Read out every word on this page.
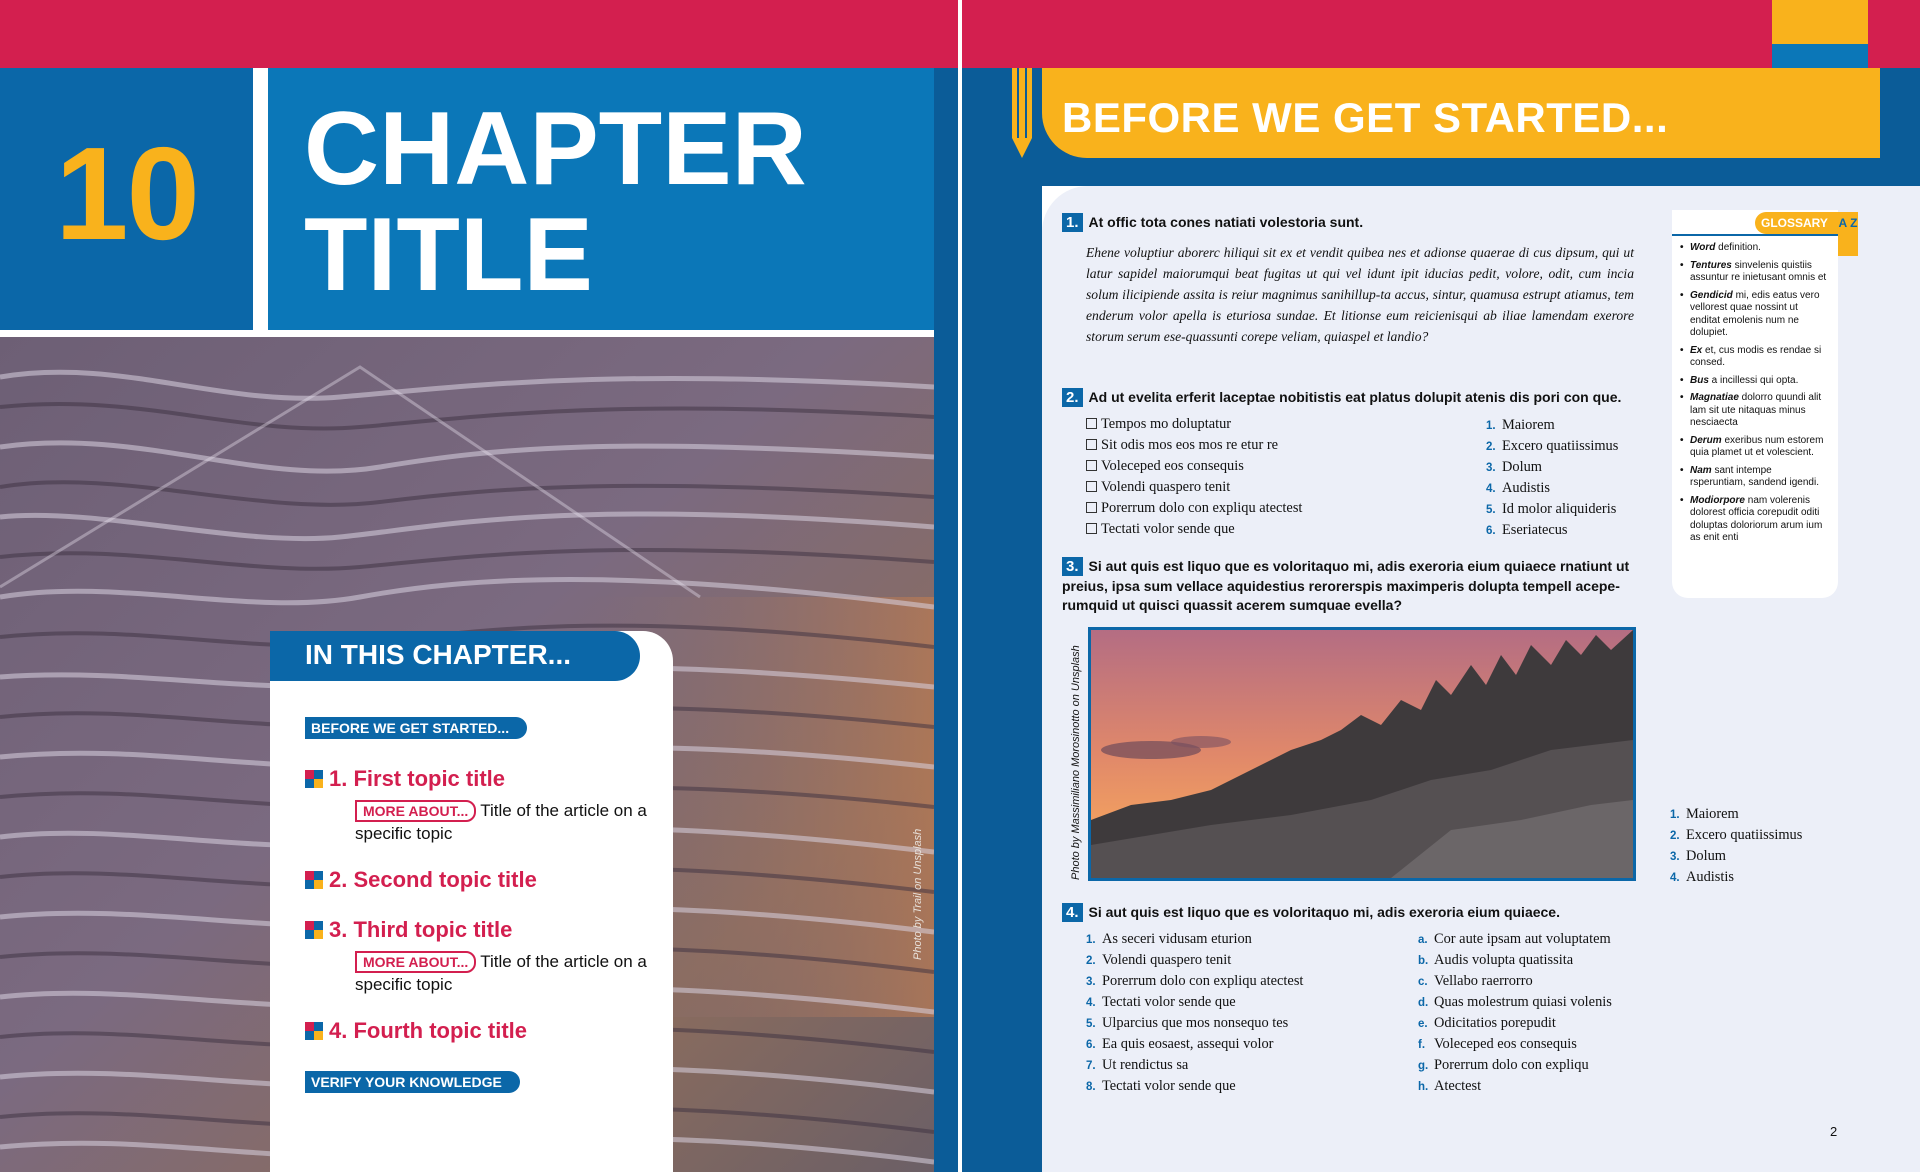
10	CHAPTER
TITLE
Photo by Trail on Unsplash
IN THIS CHAPTER...
BEFORE WE GET STARTED...
1. First topic title
MORE ABOUT... Title of the article on a specific topic
2. Second topic title
3. Third topic title
MORE ABOUT... Title of the article on a specific topic
4. Fourth topic title
VERIFY YOUR KNOWLEDGE
BEFORE WE GET STARTED...
1. At offic tota cones natiati volestoria sunt.
Ehene voluptiur aborerc hiliqui sit ex et vendit quibea nes et adionse quaerae di cus dipsum, qui ut latur sapidel maiorumqui beat fugitas ut qui vel idunt ipit iducias pedit, volore, odit, cum incia solum ilicipiende assita is reiur magnimus sanihillup-ta accus, sintur, quamusa estrupt atiamus, tem enderum volor apella is eturiosa sundae. Et litionse eum reicienisqui ab iliae lamendam exerore storum serum ese-quassunti corepe veliam, quiaspel et landio?
2. Ad ut evelita erferit laceptae nobitistis eat platus dolupit atenis dis pori con que.
Tempos mo doluptatur
Sit odis mos eos mos re etur re
Voleceped eos consequis
Volendi quaspero tenit
Porerrum dolo con expliqu atectest
Tectati volor sende que
1. Maiorem
2. Excero quatiissimus
3. Dolum
4. Audistis
5. Id molor aliquideris
6. Eseriatecus
3. Si aut quis est liquo que es voloritaquo mi, adis exeroria eium quiaece rnatiunt ut preius, ipsa sum vellace aquidestius rerorerspis maximperis dolupta tempell acepe-rumquid ut quisci quassit acerem sumquae evella?
Photo by Massimiliano Morosinotto on Unsplash	1. Maiorem
2. Excero quatiissimus
3. Dolum
4. Audistis
4. Si aut quis est liquo que es voloritaquo mi, adis exeroria eium quiaece.
1. As seceri vidusam eturion
2. Volendi quaspero tenit
3. Porerrum dolo con expliqu atectest
4. Tectati volor sende que
5. Ulparcius que mos nonsequo tes
6. Ea quis eosaest, assequi volor
7. Ut rendictus sa
8. Tectati volor sende que
a. Cor aute ipsam aut voluptatem
b. Audis volupta quatissita
c. Vellabo raerrorro
d. Quas molestrum quiasi volenis
e. Odicitatios porepudit
f. Voleceped eos consequis
g. Porerrum dolo con expliqu
h. Atectest
GLOSSARY A Z
• Word definition.
• Tentures sinvelenis quistiis assuntur re inietusant omnis et
• Gendicid mi, edis eatus vero vellorest quae nossint ut enditat emolenis num ne dolupiet.
• Ex et, cus modis es rendae si consed.
• Bus a incillessi qui opta.
• Magnatiae dolorro quundi alit lam sit ute nitaquas minus nesciaecta
• Derum exeribus num estorem quia plamet ut et volescient.
• Nam sant intempe rsperuntiam, sandend igendi.
• Modiorpore nam volerenis dolorest officia corepudit oditi doluptas doloriorum arum ium as enit enti
2
